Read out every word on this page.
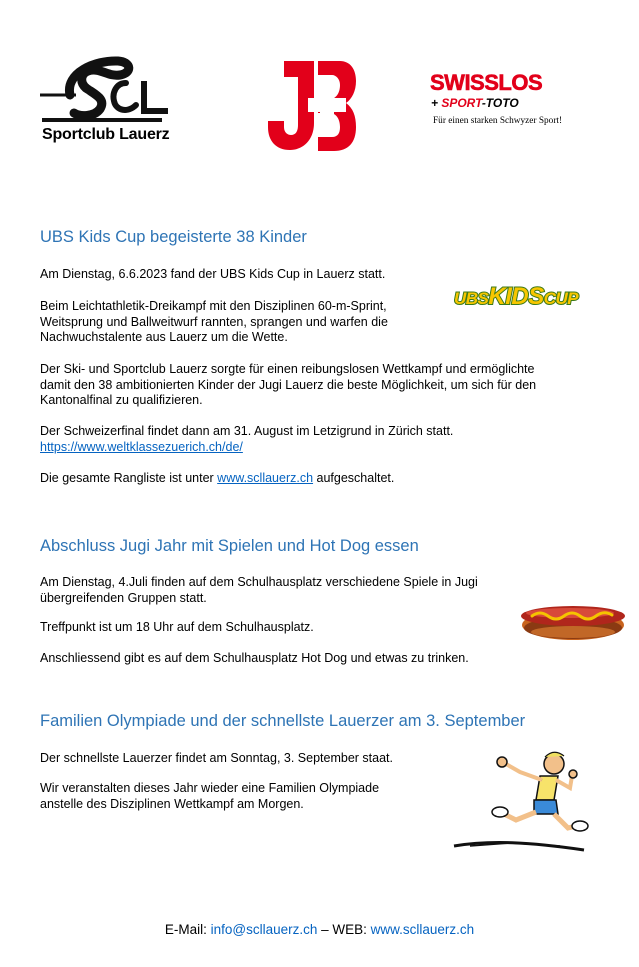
Sportclub Lauerz
SWISSLOS
+ SPORT-TOTO
Für einen starken Schwyzer Sport!
UBS Kids Cup begeisterte 38 Kinder

Am Dienstag, 6.6.2023 fand der UBS Kids Cup in Lauerz statt.

Beim Leichtathletik-Dreikampf mit den Disziplinen 60-m-Sprint,
Weitsprung und Ballweitwurf rannten, sprangen und warfen die
Nachwuchstalente aus Lauerz um die Wette.

Der Ski- und Sportclub Lauerz sorgte für einen reibungslosen Wettkampf und ermöglichte
damit den 38 ambitionierten Kinder der Jugi Lauerz die beste Möglichkeit, um sich für den
Kantonalfinal zu qualifizieren.

Der Schweizerfinal findet dann am 31. August im Letzigrund in Zürich statt.
https://www.weltklassezuerich.ch/de/

Die gesamte Rangliste ist unter www.scllauerz.ch aufgeschaltet.

UBSKIDSCUP
Abschluss Jugi Jahr mit Spielen und Hot Dog essen

Am Dienstag, 4.Juli finden auf dem Schulhausplatz verschiedene Spiele in Jugi
übergreifenden Gruppen statt.

Treffpunkt ist um 18 Uhr auf dem Schulhausplatz.

Anschliessend gibt es auf dem Schulhausplatz Hot Dog und etwas zu trinken.

Familien Olympiade und der schnellste Lauerzer am 3. September

Der schnellste Lauerzer findet am Sonntag, 3. September staat.

Wir veranstalten dieses Jahr wieder eine Familien Olympiade
anstelle des Disziplinen Wettkampf am Morgen.

E-Mail: info@scllauerz.ch – WEB: www.scllauerz.ch
